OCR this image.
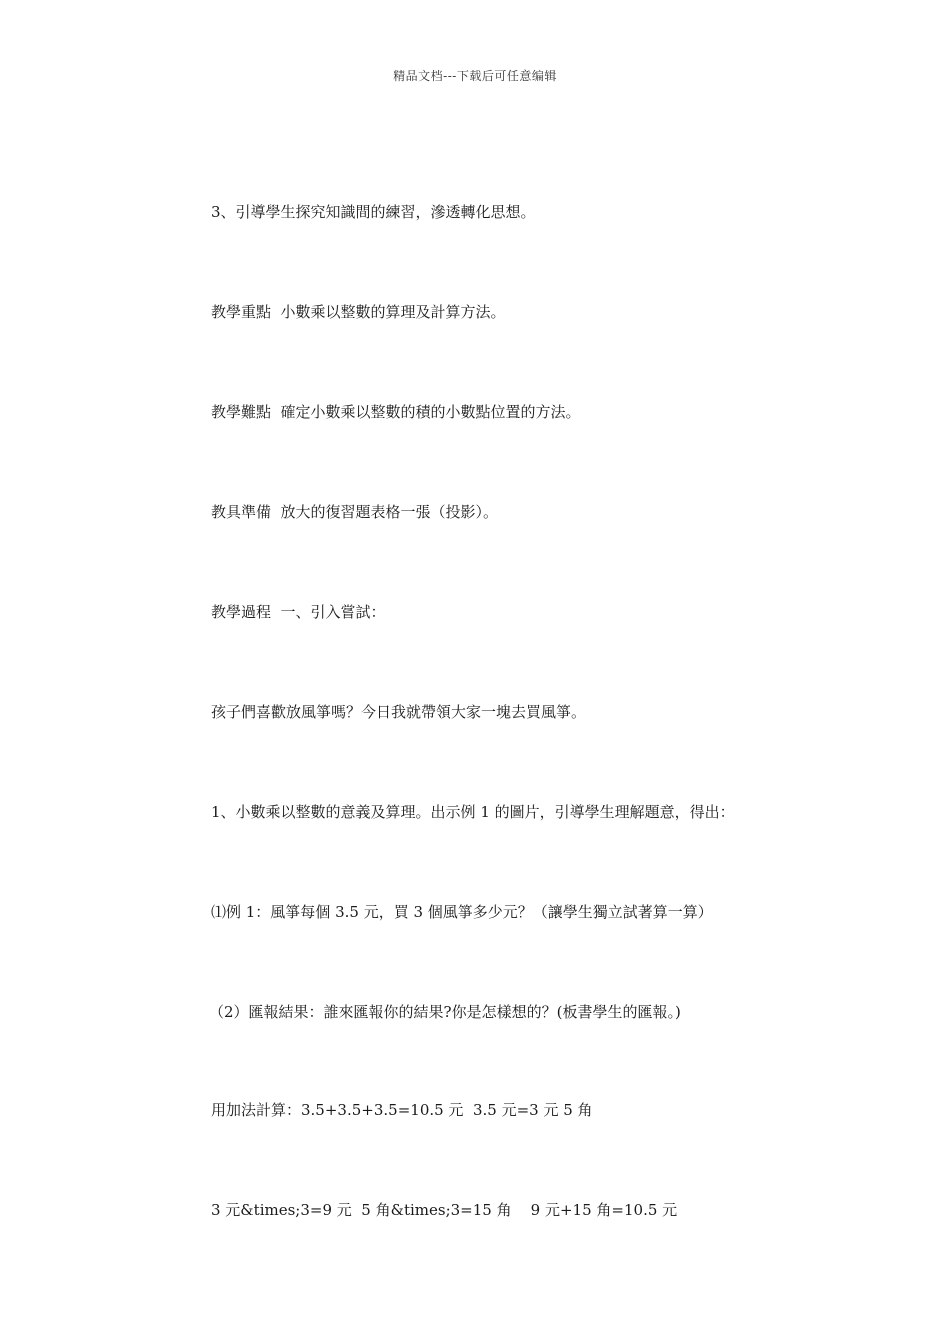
精品文档---下载后可任意编辑
3、引導學生探究知識間的練習，滲透轉化思想。
教學重點  小數乘以整數的算理及計算方法。
教學難點  確定小數乘以整數的積的小數點位置的方法。
教具準備  放大的復習題表格一張（投影）。
教學過程  一、引入嘗試：
孩子們喜歡放風箏嗎？今日我就帶領大家一塊去買風箏。
1、小數乘以整數的意義及算理。出示例 1 的圖片，引導學生理解題意，得出：
⑴例 1：風箏每個 3.5 元，買 3 個風箏多少元？（讓學生獨立試著算一算）
（2）匯報結果：誰來匯報你的結果?你是怎樣想的？(板書學生的匯報。)
用加法計算：3.5+3.5+3.5=10.5 元  3.5 元=3 元 5 角
3 元&times;3=9 元  5 角&times;3=15 角    9 元+15 角=10.5 元
